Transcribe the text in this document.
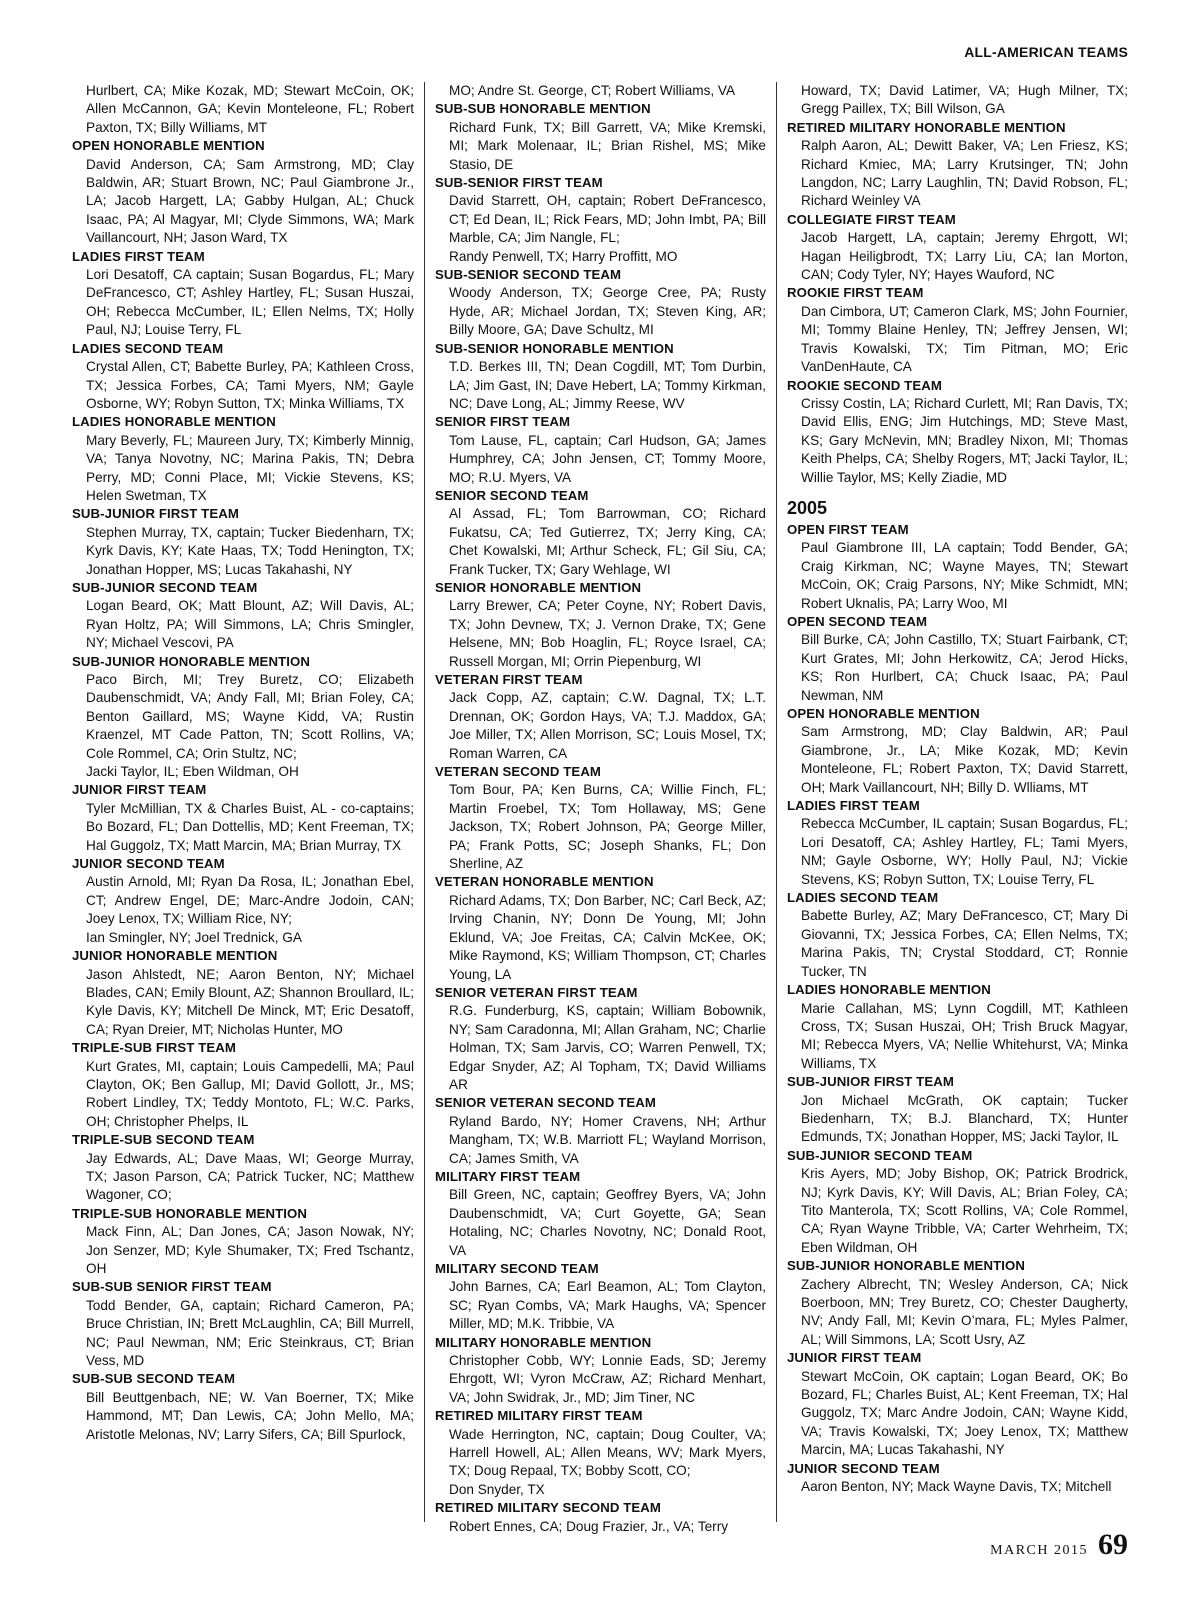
ALL-AMERICAN TEAMS
Hurlbert, CA; Mike Kozak, MD; Stewart McCoin, OK; Allen McCannon, GA; Kevin Monteleone, FL; Robert Paxton, TX; Billy Williams, MT
OPEN HONORABLE MENTION
David Anderson, CA; Sam Armstrong, MD; Clay Baldwin, AR; Stuart Brown, NC; Paul Giambrone Jr., LA; Jacob Hargett, LA; Gabby Hulgan, AL; Chuck Isaac, PA; Al Magyar, MI; Clyde Simmons, WA; Mark Vaillancourt, NH; Jason Ward, TX
LADIES FIRST TEAM
Lori Desatoff, CA captain; Susan Bogardus, FL; Mary DeFrancesco, CT; Ashley Hartley, FL; Susan Huszai, OH; Rebecca McCumber, IL; Ellen Nelms, TX; Holly Paul, NJ; Louise Terry, FL
LADIES SECOND TEAM
Crystal Allen, CT; Babette Burley, PA; Kathleen Cross, TX; Jessica Forbes, CA; Tami Myers, NM; Gayle Osborne, WY; Robyn Sutton, TX; Minka Williams, TX
LADIES HONORABLE MENTION
Mary Beverly, FL; Maureen Jury, TX; Kimberly Minnig, VA; Tanya Novotny, NC; Marina Pakis, TN; Debra Perry, MD; Conni Place, MI; Vickie Stevens, KS; Helen Swetman, TX
SUB-JUNIOR FIRST TEAM
Stephen Murray, TX, captain; Tucker Biedenharn, TX; Kyrk Davis, KY; Kate Haas, TX; Todd Henington, TX; Jonathan Hopper, MS; Lucas Takahashi, NY
SUB-JUNIOR SECOND TEAM
Logan Beard, OK; Matt Blount, AZ; Will Davis, AL; Ryan Holtz, PA; Will Simmons, LA; Chris Smingler, NY; Michael Vescovi, PA
SUB-JUNIOR HONORABLE MENTION
Paco Birch, MI; Trey Buretz, CO; Elizabeth Daubenschmidt, VA; Andy Fall, MI; Brian Foley, CA; Benton Gaillard, MS; Wayne Kidd, VA; Rustin Kraenzel, MT Cade Patton, TN; Scott Rollins, VA; Cole Rommel, CA; Orin Stultz, NC;
Jacki Taylor, IL; Eben Wildman, OH
JUNIOR FIRST TEAM
Tyler McMillian, TX & Charles Buist, AL - co-captains; Bo Bozard, FL; Dan Dottellis, MD; Kent Freeman, TX; Hal Guggolz, TX; Matt Marcin, MA; Brian Murray, TX
JUNIOR SECOND TEAM
Austin Arnold, MI; Ryan Da Rosa, IL; Jonathan Ebel, CT; Andrew Engel, DE; Marc-Andre Jodoin, CAN; Joey Lenox, TX; William Rice, NY;
Ian Smingler, NY; Joel Trednick, GA
JUNIOR HONORABLE MENTION
Jason Ahlstedt, NE; Aaron Benton, NY; Michael Blades, CAN; Emily Blount, AZ; Shannon Broullard, IL; Kyle Davis, KY; Mitchell De Minck, MT; Eric Desatoff, CA; Ryan Dreier, MT; Nicholas Hunter, MO
TRIPLE-SUB FIRST TEAM
Kurt Grates, MI, captain; Louis Campedelli, MA; Paul Clayton, OK; Ben Gallup, MI; David Gollott, Jr., MS; Robert Lindley, TX; Teddy Montoto, FL; W.C. Parks, OH; Christopher Phelps, IL
TRIPLE-SUB SECOND TEAM
Jay Edwards, AL; Dave Maas, WI; George Murray, TX; Jason Parson, CA; Patrick Tucker, NC; Matthew Wagoner, CO;
TRIPLE-SUB HONORABLE MENTION
Mack Finn, AL; Dan Jones, CA; Jason Nowak, NY; Jon Senzer, MD; Kyle Shumaker, TX; Fred Tschantz, OH
SUB-SUB SENIOR FIRST TEAM
Todd Bender, GA, captain; Richard Cameron, PA; Bruce Christian, IN; Brett McLaughlin, CA; Bill Murrell, NC; Paul Newman, NM; Eric Steinkraus, CT; Brian Vess, MD
SUB-SUB SECOND TEAM
Bill Beuttgenbach, NE; W. Van Boerner, TX; Mike Hammond, MT; Dan Lewis, CA; John Mello, MA; Aristotle Melonas, NV; Larry Sifers, CA; Bill Spurlock,
MO; Andre St. George, CT; Robert Williams, VA
SUB-SUB HONORABLE MENTION
Richard Funk, TX; Bill Garrett, VA; Mike Kremski, MI; Mark Molenaar, IL; Brian Rishel, MS; Mike Stasio, DE
SUB-SENIOR FIRST TEAM
David Starrett, OH, captain; Robert DeFrancesco, CT; Ed Dean, IL; Rick Fears, MD; John Imbt, PA; Bill Marble, CA; Jim Nangle, FL;
Randy Penwell, TX; Harry Proffitt, MO
SUB-SENIOR SECOND TEAM
Woody Anderson, TX; George Cree, PA; Rusty Hyde, AR; Michael Jordan, TX; Steven King, AR; Billy Moore, GA; Dave Schultz, MI
SUB-SENIOR HONORABLE MENTION
T.D. Berkes III, TN; Dean Cogdill, MT; Tom Durbin, LA; Jim Gast, IN; Dave Hebert, LA; Tommy Kirkman, NC; Dave Long, AL; Jimmy Reese, WV
SENIOR FIRST TEAM
Tom Lause, FL, captain; Carl Hudson, GA; James Humphrey, CA; John Jensen, CT; Tommy Moore, MO; R.U. Myers, VA
SENIOR SECOND TEAM
Al Assad, FL; Tom Barrowman, CO; Richard Fukatsu, CA; Ted Gutierrez, TX; Jerry King, CA; Chet Kowalski, MI; Arthur Scheck, FL; Gil Siu, CA; Frank Tucker, TX; Gary Wehlage, WI
SENIOR HONORABLE MENTION
Larry Brewer, CA; Peter Coyne, NY; Robert Davis, TX; John Devnew, TX; J. Vernon Drake, TX; Gene Helsene, MN; Bob Hoaglin, FL; Royce Israel, CA; Russell Morgan, MI; Orrin Piepenburg, WI
VETERAN FIRST TEAM
Jack Copp, AZ, captain; C.W. Dagnal, TX; L.T. Drennan, OK; Gordon Hays, VA; T.J. Maddox, GA; Joe Miller, TX; Allen Morrison, SC; Louis Mosel, TX; Roman Warren, CA
VETERAN SECOND TEAM
Tom Bour, PA; Ken Burns, CA; Willie Finch, FL; Martin Froebel, TX; Tom Hollaway, MS; Gene Jackson, TX; Robert Johnson, PA; George Miller, PA; Frank Potts, SC; Joseph Shanks, FL; Don Sherline, AZ
VETERAN HONORABLE MENTION
Richard Adams, TX; Don Barber, NC; Carl Beck, AZ; Irving Chanin, NY; Donn De Young, MI; John Eklund, VA; Joe Freitas, CA; Calvin McKee, OK; Mike Raymond, KS; William Thompson, CT; Charles Young, LA
SENIOR VETERAN FIRST TEAM
R.G. Funderburg, KS, captain; William Bobownik, NY; Sam Caradonna, MI; Allan Graham, NC; Charlie Holman, TX; Sam Jarvis, CO; Warren Penwell, TX; Edgar Snyder, AZ; Al Topham, TX; David Williams AR
SENIOR VETERAN SECOND TEAM
Ryland Bardo, NY; Homer Cravens, NH; Arthur Mangham, TX; W.B. Marriott FL; Wayland Morrison, CA; James Smith, VA
MILITARY FIRST TEAM
Bill Green, NC, captain; Geoffrey Byers, VA; John Daubenschmidt, VA; Curt Goyette, GA; Sean Hotaling, NC; Charles Novotny, NC; Donald Root, VA
MILITARY SECOND TEAM
John Barnes, CA; Earl Beamon, AL; Tom Clayton, SC; Ryan Combs, VA; Mark Haughs, VA; Spencer Miller, MD; M.K. Tribbie, VA
MILITARY HONORABLE MENTION
Christopher Cobb, WY; Lonnie Eads, SD; Jeremy Ehrgott, WI; Vyron McCraw, AZ; Richard Menhart, VA; John Swidrak, Jr., MD; Jim Tiner, NC
RETIRED MILITARY FIRST TEAM
Wade Herrington, NC, captain; Doug Coulter, VA; Harrell Howell, AL; Allen Means, WV; Mark Myers, TX; Doug Repaal, TX; Bobby Scott, CO;
Don Snyder, TX
RETIRED MILITARY SECOND TEAM
Robert Ennes, CA; Doug Frazier, Jr., VA; Terry
Howard, TX; David Latimer, VA; Hugh Milner, TX; Gregg Paillex, TX; Bill Wilson, GA
RETIRED MILITARY HONORABLE MENTION
Ralph Aaron, AL; Dewitt Baker, VA; Len Friesz, KS; Richard Kmiec, MA; Larry Krutsinger, TN; John Langdon, NC; Larry Laughlin, TN; David Robson, FL; Richard Weinley VA
COLLEGIATE FIRST TEAM
Jacob Hargett, LA, captain; Jeremy Ehrgott, WI; Hagan Heiligbrodt, TX; Larry Liu, CA; Ian Morton, CAN; Cody Tyler, NY; Hayes Wauford, NC
ROOKIE FIRST TEAM
Dan Cimbora, UT; Cameron Clark, MS; John Fournier, MI; Tommy Blaine Henley, TN; Jeffrey Jensen, WI; Travis Kowalski, TX; Tim Pitman, MO; Eric VanDenHaute, CA
ROOKIE SECOND TEAM
Crissy Costin, LA; Richard Curlett, MI; Ran Davis, TX; David Ellis, ENG; Jim Hutchings, MD; Steve Mast, KS; Gary McNevin, MN; Bradley Nixon, MI; Thomas Keith Phelps, CA; Shelby Rogers, MT; Jacki Taylor, IL; Willie Taylor, MS; Kelly Ziadie, MD
2005
OPEN FIRST TEAM
Paul Giambrone III, LA captain; Todd Bender, GA; Craig Kirkman, NC; Wayne Mayes, TN; Stewart McCoin, OK; Craig Parsons, NY; Mike Schmidt, MN; Robert Uknalis, PA; Larry Woo, MI
OPEN SECOND TEAM
Bill Burke, CA; John Castillo, TX; Stuart Fairbank, CT; Kurt Grates, MI; John Herkowitz, CA; Jerod Hicks, KS; Ron Hurlbert, CA; Chuck Isaac, PA; Paul Newman, NM
OPEN HONORABLE MENTION
Sam Armstrong, MD; Clay Baldwin, AR; Paul Giambrone, Jr., LA; Mike Kozak, MD; Kevin Monteleone, FL; Robert Paxton, TX; David Starrett, OH; Mark Vaillancourt, NH; Billy D. Wlliams, MT
LADIES FIRST TEAM
Rebecca McCumber, IL captain; Susan Bogardus, FL; Lori Desatoff, CA; Ashley Hartley, FL; Tami Myers, NM; Gayle Osborne, WY; Holly Paul, NJ; Vickie Stevens, KS; Robyn Sutton, TX; Louise Terry, FL
LADIES SECOND TEAM
Babette Burley, AZ; Mary DeFrancesco, CT; Mary Di Giovanni, TX; Jessica Forbes, CA; Ellen Nelms, TX; Marina Pakis, TN; Crystal Stoddard, CT; Ronnie Tucker, TN
LADIES HONORABLE MENTION
Marie Callahan, MS; Lynn Cogdill, MT; Kathleen Cross, TX; Susan Huszai, OH; Trish Bruck Magyar, MI; Rebecca Myers, VA; Nellie Whitehurst, VA; Minka Williams, TX
SUB-JUNIOR FIRST TEAM
Jon Michael McGrath, OK captain; Tucker Biedenharn, TX; B.J. Blanchard, TX; Hunter Edmunds, TX; Jonathan Hopper, MS; Jacki Taylor, IL
SUB-JUNIOR SECOND TEAM
Kris Ayers, MD; Joby Bishop, OK; Patrick Brodrick, NJ; Kyrk Davis, KY; Will Davis, AL; Brian Foley, CA; Tito Manterola, TX; Scott Rollins, VA; Cole Rommel, CA; Ryan Wayne Tribble, VA; Carter Wehrheim, TX; Eben Wildman, OH
SUB-JUNIOR HONORABLE MENTION
Zachery Albrecht, TN; Wesley Anderson, CA; Nick Boerboon, MN; Trey Buretz, CO; Chester Daugherty, NV; Andy Fall, MI; Kevin O’mara, FL; Myles Palmer, AL; Will Simmons, LA; Scott Usry, AZ
JUNIOR FIRST TEAM
Stewart McCoin, OK captain; Logan Beard, OK; Bo Bozard, FL; Charles Buist, AL; Kent Freeman, TX; Hal Guggolz, TX; Marc Andre Jodoin, CAN; Wayne Kidd, VA; Travis Kowalski, TX; Joey Lenox, TX; Matthew Marcin, MA; Lucas Takahashi, NY
JUNIOR SECOND TEAM
Aaron Benton, NY; Mack Wayne Davis, TX; Mitchell
MARCH 2015 69
